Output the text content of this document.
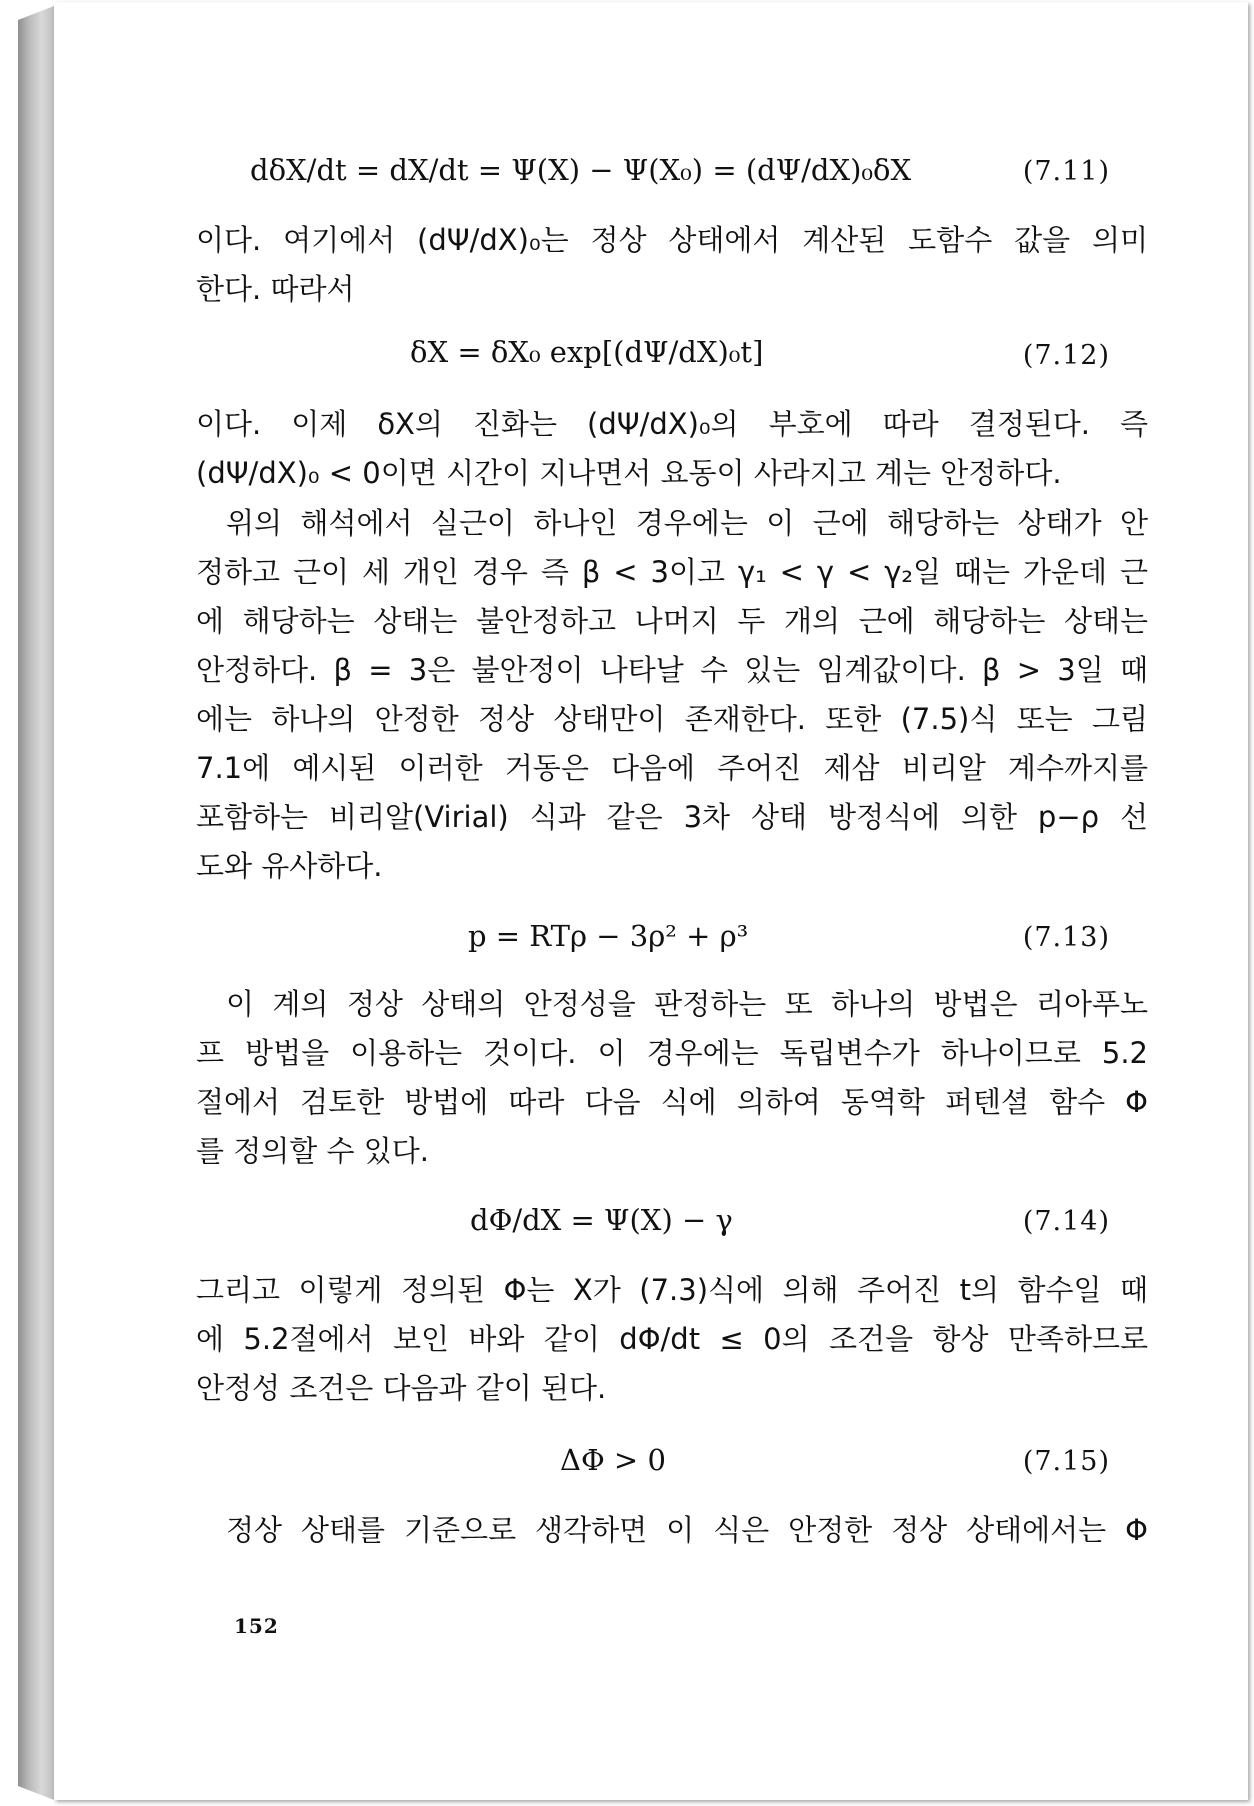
dδX/dt = dX/dt = Ψ(X) − Ψ(X₀) = (dΨ/dX)₀δX	(7.11)
이다. 여기에서 (dΨ/dX)₀는 정상 상태에서 계산된 도함수 값을 의미
한다. 따라서
δX = δX₀ exp[(dΨ/dX)₀t]	(7.12)
이다. 이제 δX의 진화는 (dΨ/dX)₀의 부호에 따라 결정된다. 즉
(dΨ/dX)₀ < 0이면 시간이 지나면서 요동이 사라지고 계는 안정하다.
위의 해석에서 실근이 하나인 경우에는 이 근에 해당하는 상태가 안
정하고 근이 세 개인 경우 즉 β < 3이고 γ₁ < γ < γ₂일 때는 가운데 근
에 해당하는 상태는 불안정하고 나머지 두 개의 근에 해당하는 상태는
안정하다. β = 3은 불안정이 나타날 수 있는 임계값이다. β > 3일 때
에는 하나의 안정한 정상 상태만이 존재한다. 또한 (7.5)식 또는 그림
7.1에 예시된 이러한 거동은 다음에 주어진 제삼 비리알 계수까지를
포함하는 비리알(Virial) 식과 같은 3차 상태 방정식에 의한 p−ρ 선
도와 유사하다.
p = RTρ − 3ρ² + ρ³	(7.13)
이 계의 정상 상태의 안정성을 판정하는 또 하나의 방법은 리아푸노
프 방법을 이용하는 것이다. 이 경우에는 독립변수가 하나이므로 5.2
절에서 검토한 방법에 따라 다음 식에 의하여 동역학 퍼텐셜 함수 Φ
를 정의할 수 있다.
dΦ/dX = Ψ(X) − γ	(7.14)
그리고 이렇게 정의된 Φ는 X가 (7.3)식에 의해 주어진 t의 함수일 때
에 5.2절에서 보인 바와 같이 dΦ/dt ≤ 0의 조건을 항상 만족하므로
안정성 조건은 다음과 같이 된다.
ΔΦ > 0	(7.15)
정상 상태를 기준으로 생각하면 이 식은 안정한 정상 상태에서는 Φ
152
